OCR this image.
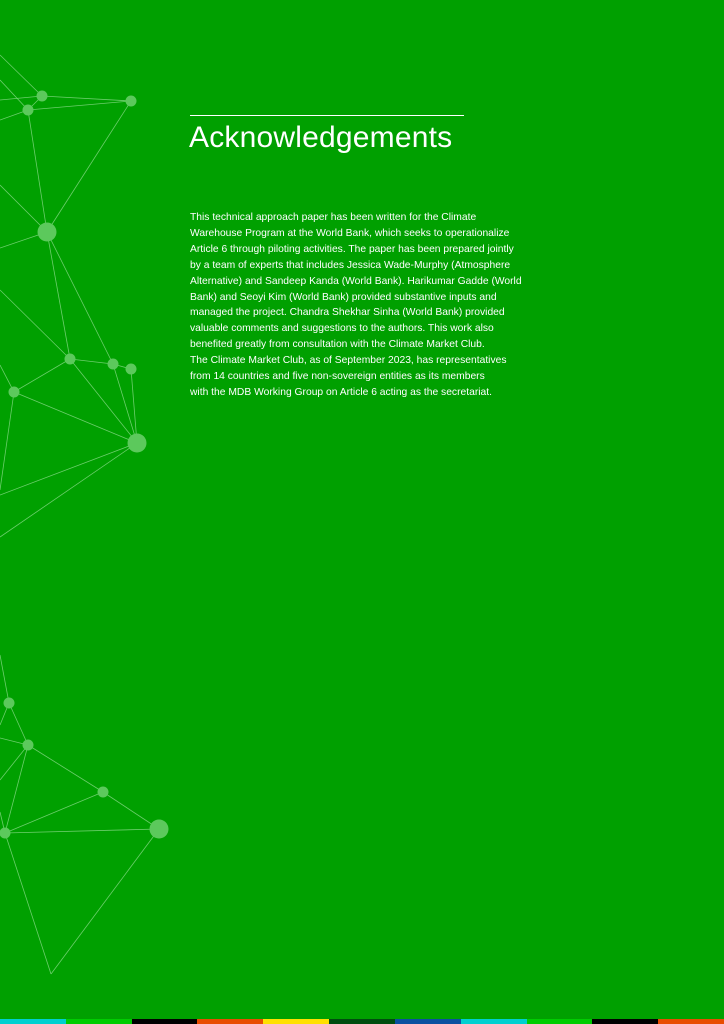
Acknowledgements
This technical approach paper has been written for the Climate
Warehouse Program at the World Bank, which seeks to operationalize
Article 6 through piloting activities. The paper has been prepared jointly
by a team of experts that includes Jessica Wade-Murphy (Atmosphere
Alternative) and Sandeep Kanda (World Bank). Harikumar Gadde (World
Bank) and Seoyi Kim (World Bank) provided substantive inputs and
managed the project. Chandra Shekhar Sinha (World Bank) provided
valuable comments and suggestions to the authors. This work also
benefited greatly from consultation with the Climate Market Club.
The Climate Market Club, as of September 2023, has representatives
from 14 countries and five non-sovereign entities as its members
with the MDB Working Group on Article 6 acting as the secretariat.
